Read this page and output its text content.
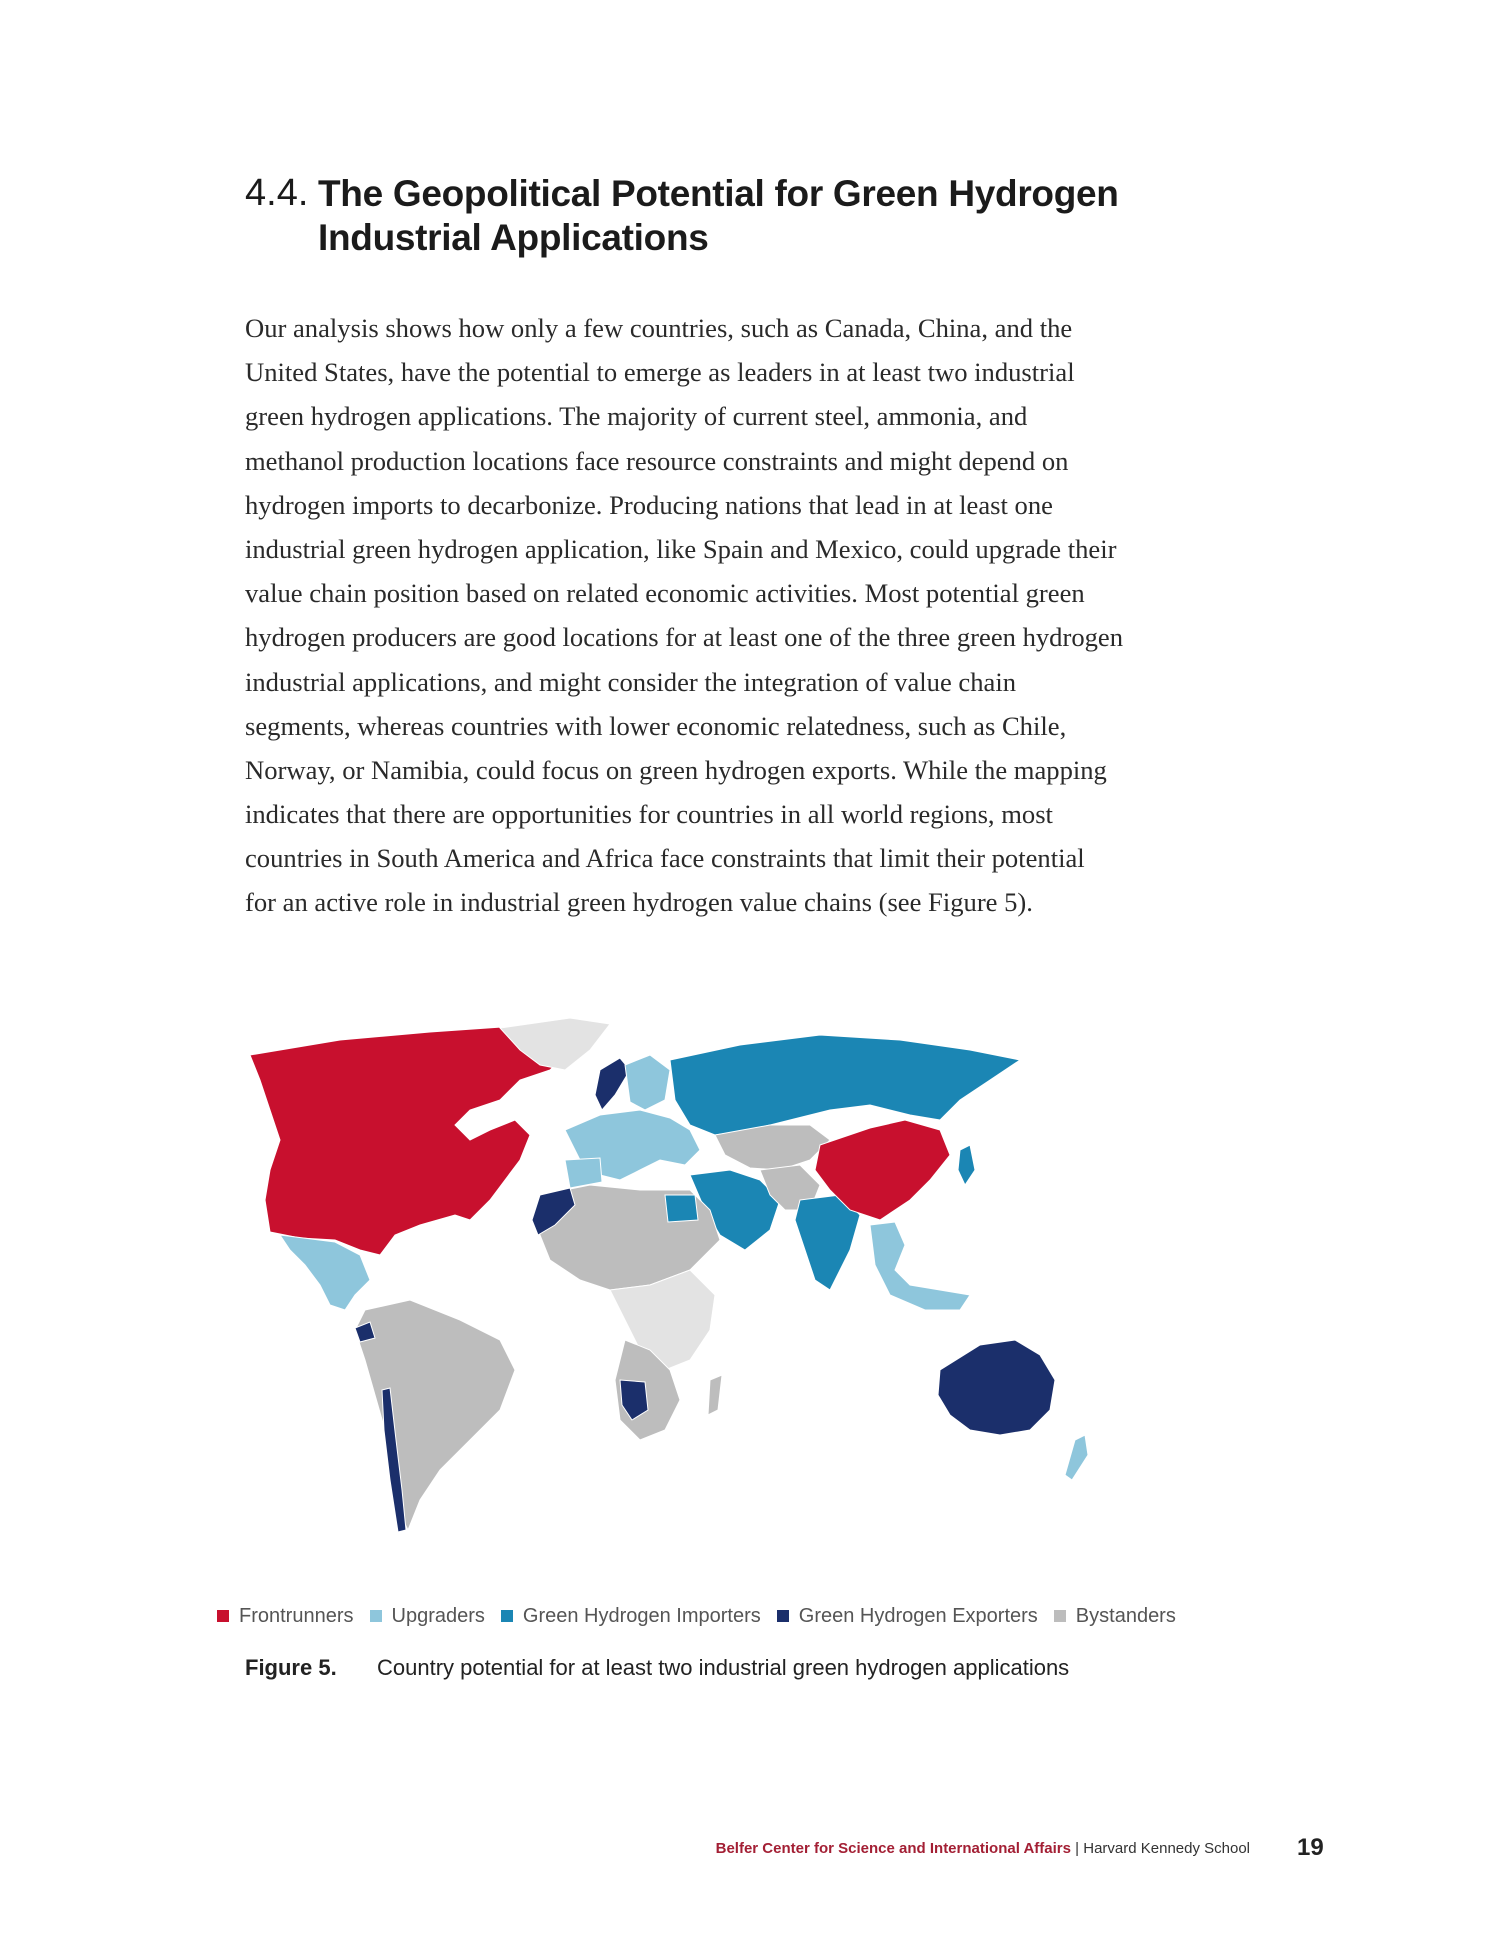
4.4. The Geopolitical Potential for Green Hydrogen
Industrial Applications
Our analysis shows how only a few countries, such as Canada, China, and the
United States, have the potential to emerge as leaders in at least two industrial
green hydrogen applications. The majority of current steel, ammonia, and
methanol production locations face resource constraints and might depend on
hydrogen imports to decarbonize. Producing nations that lead in at least one
industrial green hydrogen application, like Spain and Mexico, could upgrade their
value chain position based on related economic activities. Most potential green
hydrogen producers are good locations for at least one of the three green hydrogen
industrial applications, and might consider the integration of value chain
segments, whereas countries with lower economic relatedness, such as Chile,
Norway, or Namibia, could focus on green hydrogen exports. While the mapping
indicates that there are opportunities for countries in all world regions, most
countries in South America and Africa face constraints that limit their potential
for an active role in industrial green hydrogen value chains (see Figure 5).
Frontrunners Upgraders Green Hydrogen Importers Green Hydrogen Exporters Bystanders
Figure 5. Country potential for at least two industrial green hydrogen applications
Belfer Center for Science and International Affairs | Harvard Kennedy School 19
